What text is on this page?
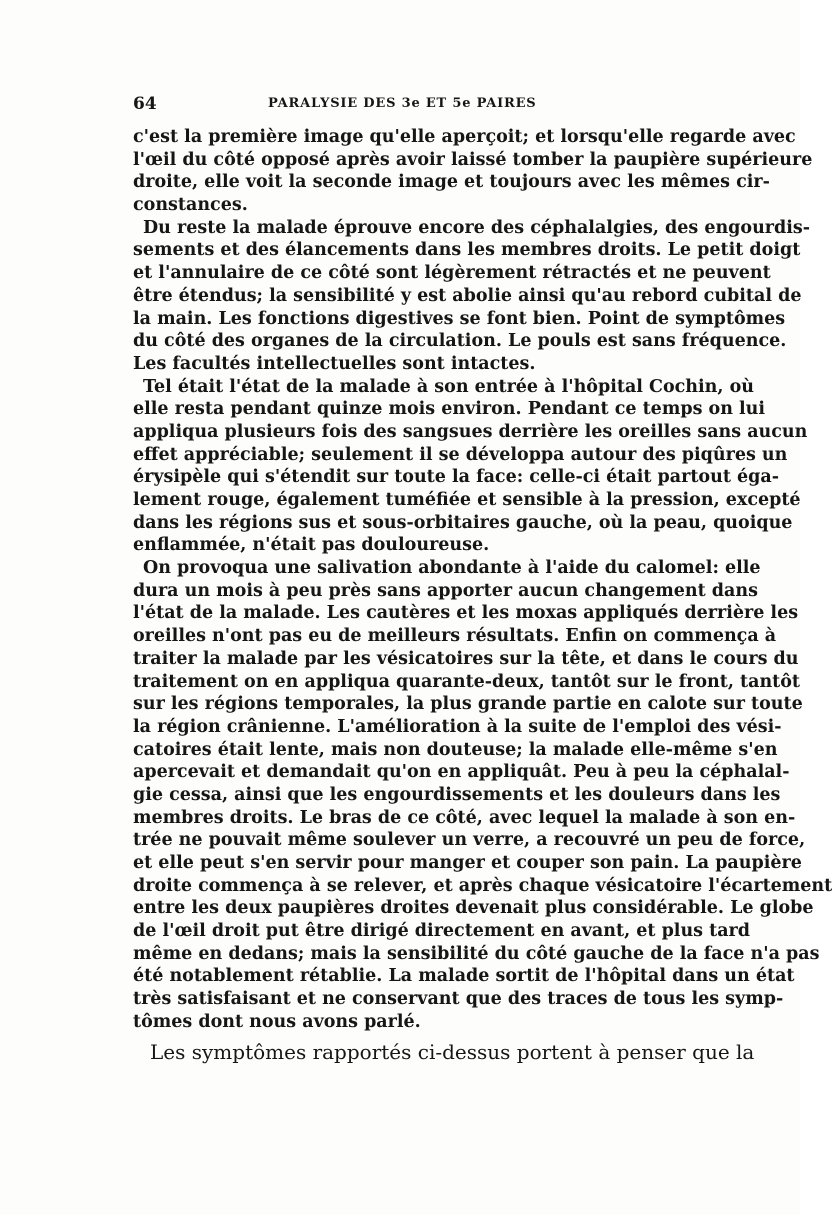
64	PARALYSIE DES 3e ET 5e PAIRES
c'est la première image qu'elle aperçoit; et lorsqu'elle regarde avec
l'œil du côté opposé après avoir laissé tomber la paupière supérieure
droite, elle voit la seconde image et toujours avec les mêmes cir-
constances.
Du reste la malade éprouve encore des céphalalgies, des engourdis-
sements et des élancements dans les membres droits. Le petit doigt
et l'annulaire de ce côté sont légèrement rétractés et ne peuvent
être étendus; la sensibilité y est abolie ainsi qu'au rebord cubital de
la main. Les fonctions digestives se font bien. Point de symptômes
du côté des organes de la circulation. Le pouls est sans fréquence.
Les facultés intellectuelles sont intactes.
Tel était l'état de la malade à son entrée à l'hôpital Cochin, où
elle resta pendant quinze mois environ. Pendant ce temps on lui
appliqua plusieurs fois des sangsues derrière les oreilles sans aucun
effet appréciable; seulement il se développa autour des piqûres un
érysipèle qui s'étendit sur toute la face: celle-ci était partout éga-
lement rouge, également tuméfiée et sensible à la pression, excepté
dans les régions sus et sous-orbitaires gauche, où la peau, quoique
enflammée, n'était pas douloureuse.
On provoqua une salivation abondante à l'aide du calomel: elle
dura un mois à peu près sans apporter aucun changement dans
l'état de la malade. Les cautères et les moxas appliqués derrière les
oreilles n'ont pas eu de meilleurs résultats. Enfin on commença à
traiter la malade par les vésicatoires sur la tête, et dans le cours du
traitement on en appliqua quarante-deux, tantôt sur le front, tantôt
sur les régions temporales, la plus grande partie en calote sur toute
la région crânienne. L'amélioration à la suite de l'emploi des vési-
catoires était lente, mais non douteuse; la malade elle-même s'en
apercevait et demandait qu'on en appliquât. Peu à peu la céphalal-
gie cessa, ainsi que les engourdissements et les douleurs dans les
membres droits. Le bras de ce côté, avec lequel la malade à son en-
trée ne pouvait même soulever un verre, a recouvré un peu de force,
et elle peut s'en servir pour manger et couper son pain. La paupière
droite commença à se relever, et après chaque vésicatoire l'écartement
entre les deux paupières droites devenait plus considérable. Le globe
de l'œil droit put être dirigé directement en avant, et plus tard
même en dedans; mais la sensibilité du côté gauche de la face n'a pas
été notablement rétablie. La malade sortit de l'hôpital dans un état
très satisfaisant et ne conservant que des traces de tous les symp-
tômes dont nous avons parlé.
Les symptômes rapportés ci-dessus portent à penser que la
